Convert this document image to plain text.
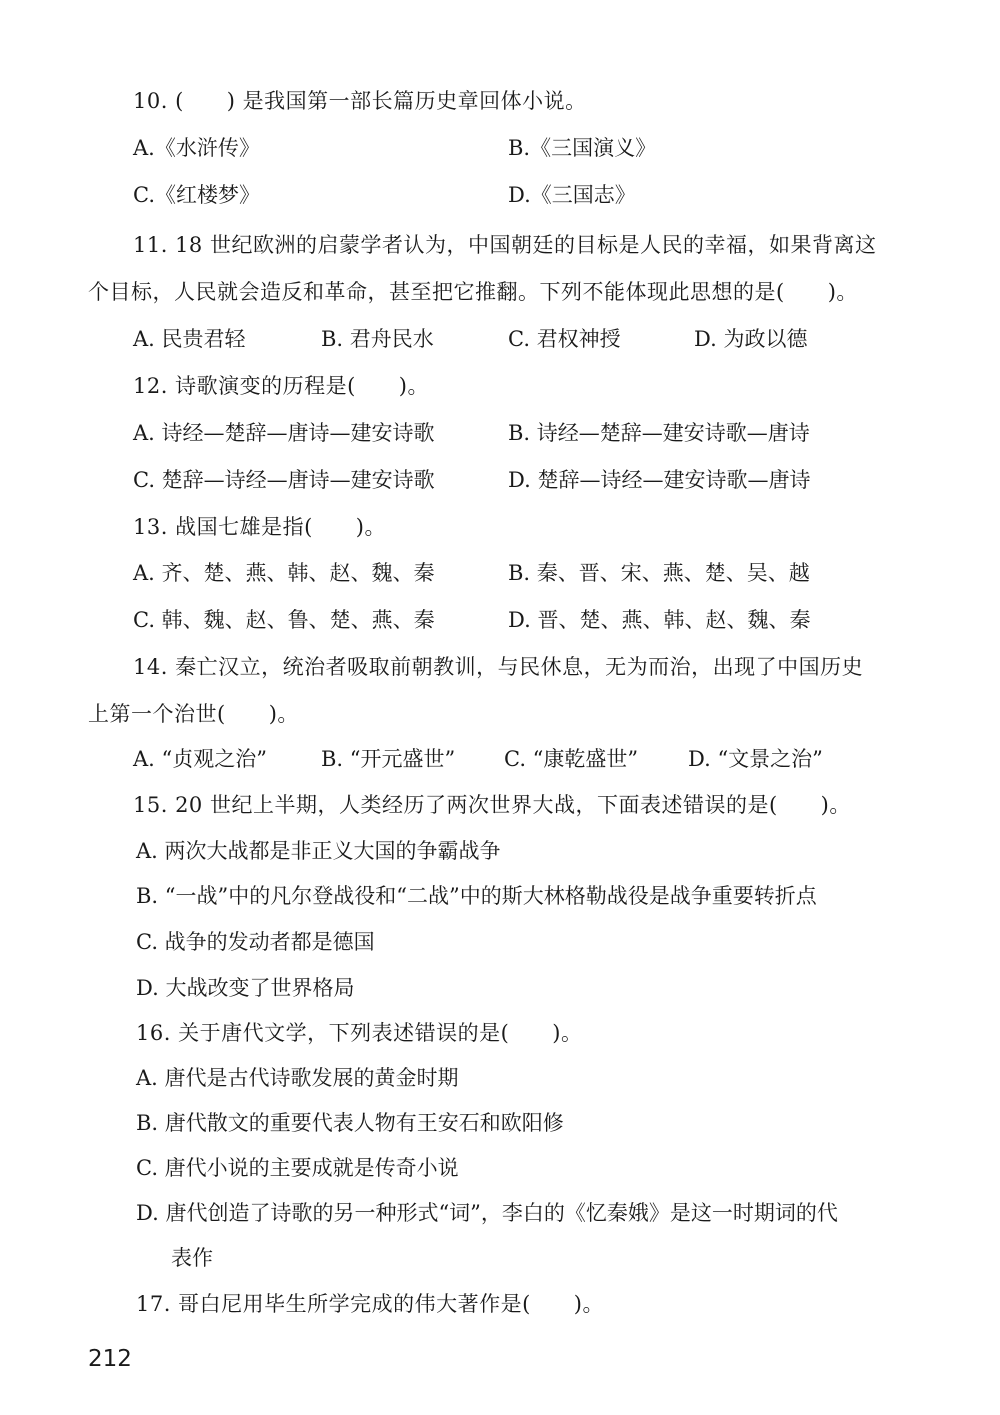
10. (　　) 是我国第一部长篇历史章回体小说。
A.《水浒传》	B.《三国演义》
C.《红楼梦》	D.《三国志》
11. 18 世纪欧洲的启蒙学者认为，中国朝廷的目标是人民的幸福，如果背离这
个目标，人民就会造反和革命，甚至把它推翻。下列不能体现此思想的是(　　)。
A. 民贵君轻	B. 君舟民水	C. 君权神授	D. 为政以德
12. 诗歌演变的历程是(　　)。
A. 诗经—楚辞—唐诗—建安诗歌	B. 诗经—楚辞—建安诗歌—唐诗
C. 楚辞—诗经—唐诗—建安诗歌	D. 楚辞—诗经—建安诗歌—唐诗
13. 战国七雄是指(　　)。
A. 齐、楚、燕、韩、赵、魏、秦	B. 秦、晋、宋、燕、楚、吴、越
C. 韩、魏、赵、鲁、楚、燕、秦	D. 晋、楚、燕、韩、赵、魏、秦
14. 秦亡汉立，统治者吸取前朝教训，与民休息，无为而治，出现了中国历史
上第一个治世(　　)。
A. “贞观之治”	B. “开元盛世” C. “康乾盛世” D. “文景之治”
15. 20 世纪上半期，人类经历了两次世界大战，下面表述错误的是(　　)。
A. 两次大战都是非正义大国的争霸战争
B. “一战”中的凡尔登战役和“二战”中的斯大林格勒战役是战争重要转折点
C. 战争的发动者都是德国
D. 大战改变了世界格局
16. 关于唐代文学，下列表述错误的是(　　)。
A. 唐代是古代诗歌发展的黄金时期
B. 唐代散文的重要代表人物有王安石和欧阳修
C. 唐代小说的主要成就是传奇小说
D. 唐代创造了诗歌的另一种形式“词”，李白的《忆秦娥》是这一时期词的代
表作
17. 哥白尼用毕生所学完成的伟大著作是(　　)。
212
